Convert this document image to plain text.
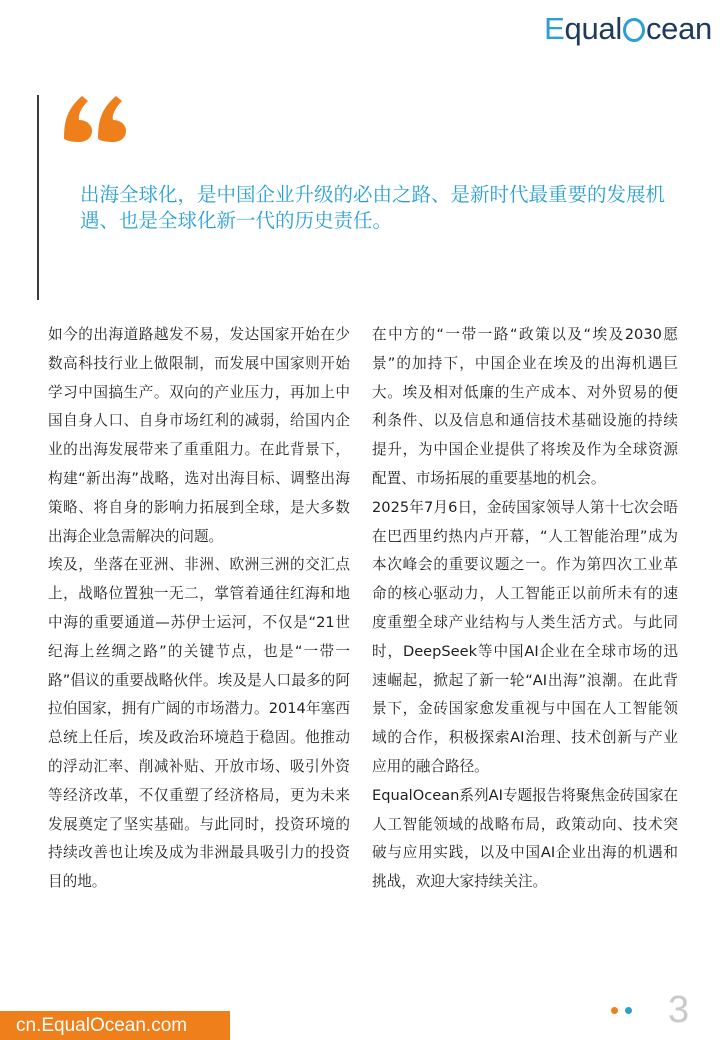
Equal cean

出海全球化，是中国企业升级的必由之路、是新时代最重要的发展机遇、也是全球化新一代的历史责任。

如今的出海道路越发不易，发达国家开始在少数高科技行业上做限制，而发展中国家则开始学习中国搞生产。双向的产业压力，再加上中国自身人口、自身市场红利的减弱，给国内企业的出海发展带来了重重阻力。在此背景下，构建“新出海”战略，选对出海目标、调整出海策略、将自身的影响力拓展到全球，是大多数出海企业急需解决的问题。

埃及，坐落在亚洲、非洲、欧洲三洲的交汇点上，战略位置独一无二，掌管着通往红海和地 中海的重要通道—苏伊士运河，不仅是“21世 纪海上丝绸之路”的关键节点，也是“一带一路”倡议的重要战略伙伴。埃及是人口最多的阿拉伯国家，拥有广阔的市场潜力。2014年塞西总统上任后，埃及政治环境趋于稳固。他推动的浮动汇率、削减补贴、开放市场、吸引外资等经济改革，不仅重塑了经济格局，更为未来发展奠定了坚实基础。与此同时，投资环境的持续改善也让埃及成为非洲最具吸引力的投资目的地。

在中方的“一带一路“政策以及“埃及2030愿景”的加持下，中国企业在埃及的出海机遇巨大。埃及相对低廉的生产成本、对外贸易的便利条件、以及信息和通信技术基础设施的持续提升，为中国企业提供了将埃及作为全球资源配置、市场拓展的重要基地的机会。

2025年7月6日，金砖国家领导人第十七次会晤在巴西里约热内卢开幕，“人工智能治理”成为本次峰会的重要议题之一。作为第四次工业革命的核心驱动力，人工智能正以前所未有的速度重塑全球产业结构与人类生活方式。与此同时，DeepSeek等中国AI企业在全球市场的迅速崛起，掀起了新一轮“AI出海”浪潮。在此背景下，金砖国家愈发重视与中国在人工智能领域的合作，积极探索AI治理、技术创新与产业应用的融合路径。

EqualOcean系列AI专题报告将聚焦金砖国家在人工智能领域的战略布局，政策动向、技术突破与应用实践，以及中国AI企业出海的机遇和挑战，欢迎大家持续关注。

cn.EqualOcean.com	3
